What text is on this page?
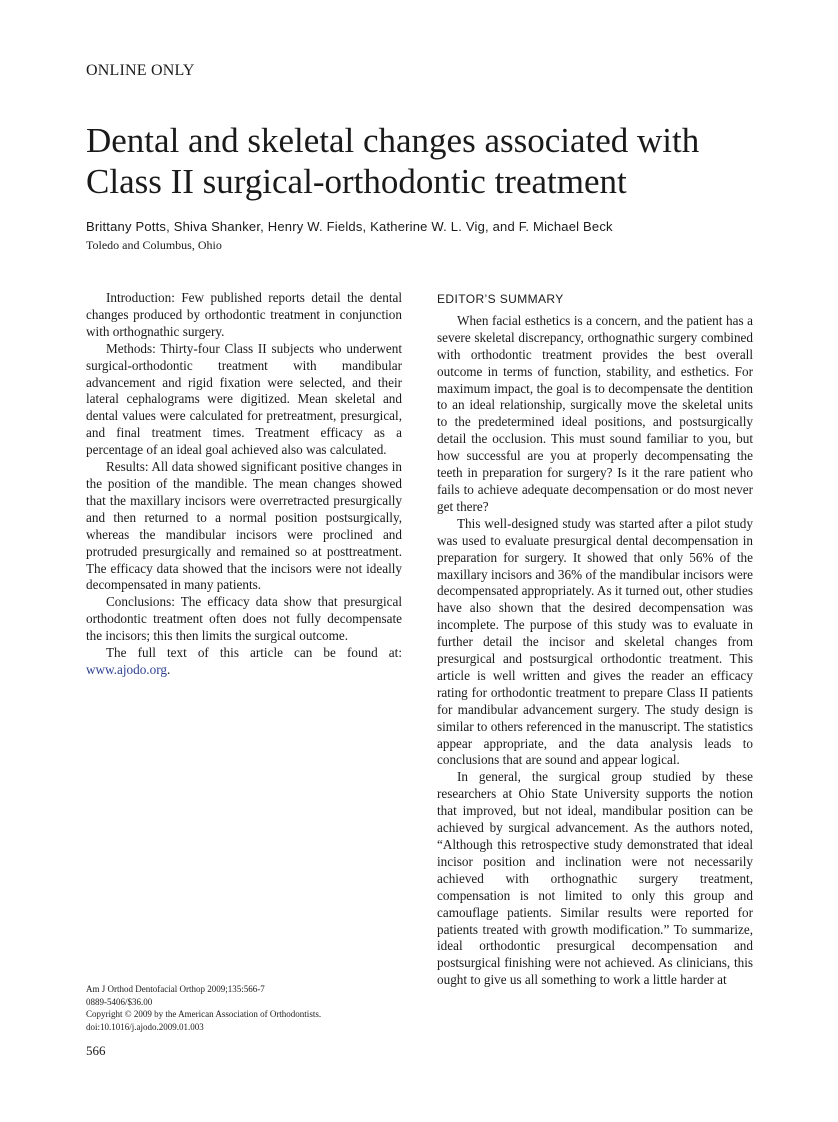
ONLINE ONLY
Dental and skeletal changes associated with
Class II surgical-orthodontic treatment
Brittany Potts, Shiva Shanker, Henry W. Fields, Katherine W. L. Vig, and F. Michael Beck
Toledo and Columbus, Ohio

Introduction: Few published reports detail the dental changes produced by orthodontic treatment in conjunction with orthognathic surgery.

Methods: Thirty-four Class II subjects who underwent surgical-orthodontic treatment with mandibular advancement and rigid fixation were selected, and their lateral cephalograms were digitized. Mean skeletal and dental values were calculated for pretreatment, presurgical, and final treatment times. Treatment efficacy as a percentage of an ideal goal achieved also was calculated.

Results: All data showed significant positive changes in the position of the mandible. The mean changes showed that the maxillary incisors were overretracted presurgically and then returned to a normal position postsurgically, whereas the mandibular incisors were proclined and protruded presurgically and remained so at posttreatment. The efficacy data showed that the incisors were not ideally decompensated in many patients.

Conclusions: The efficacy data show that presurgical orthodontic treatment often does not fully decompensate the incisors; this then limits the surgical outcome.

The full text of this article can be found at: www.ajodo.org.

EDITOR’S SUMMARY

When facial esthetics is a concern, and the patient has a severe skeletal discrepancy, orthognathic surgery combined with orthodontic treatment provides the best overall outcome in terms of function, stability, and esthetics. For maximum impact, the goal is to decompensate the dentition to an ideal relationship, surgically move the skeletal units to the predetermined ideal positions, and postsurgically detail the occlusion. This must sound familiar to you, but how successful are you at properly decompensating the teeth in preparation for surgery? Is it the rare patient who fails to achieve adequate decompensation or do most never get there?

This well-designed study was started after a pilot study was used to evaluate presurgical dental decompensation in preparation for surgery. It showed that only 56% of the maxillary incisors and 36% of the mandibular incisors were decompensated appropriately. As it turned out, other studies have also shown that the desired decompensation was incomplete. The purpose of this study was to evaluate in further detail the incisor and skeletal changes from presurgical and postsurgical orthodontic treatment. This article is well written and gives the reader an efficacy rating for orthodontic treatment to prepare Class II patients for mandibular advancement surgery. The study design is similar to others referenced in the manuscript. The statistics appear appropriate, and the data analysis leads to conclusions that are sound and appear logical.

In general, the surgical group studied by these researchers at Ohio State University supports the notion that improved, but not ideal, mandibular position can be achieved by surgical advancement. As the authors noted, “Although this retrospective study demonstrated that ideal incisor position and inclination were not necessarily achieved with orthognathic surgery treatment, compensation is not limited to only this group and camouflage patients. Similar results were reported for patients treated with growth modification.” To summarize, ideal orthodontic presurgical decompensation and postsurgical finishing were not achieved. As clinicians, this ought to give us all something to work a little harder at

Am J Orthod Dentofacial Orthop 2009;135:566-7
0889-5406/$36.00
Copyright © 2009 by the American Association of Orthodontists.
doi:10.1016/j.ajodo.2009.01.003
566
